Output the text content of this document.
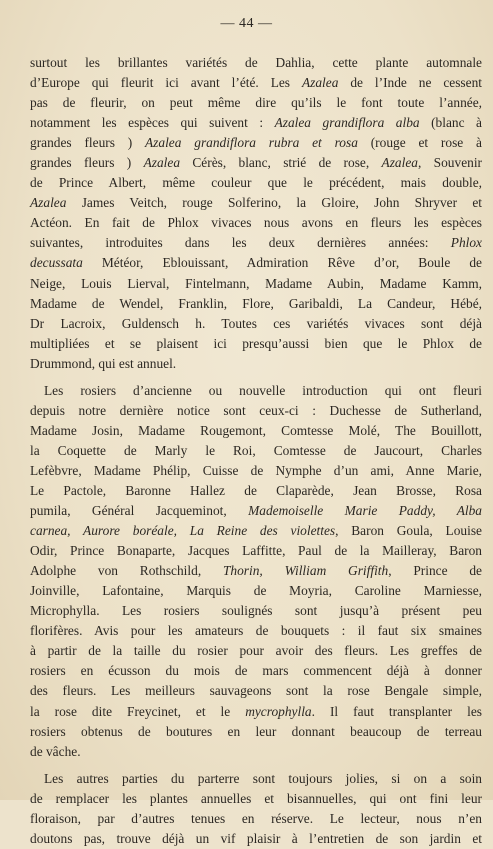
— 44 —
surtout les brillantes variétés de Dahlia, cette plante automnale
d’Europe qui fleurit ici avant l’été. Les Azalea de l’Inde ne cessent
pas de fleurir, on peut même dire qu’ils le font toute l’année,
notamment les espèces qui suivent : Azalea grandiflora alba (blanc à
grandes fleurs ) Azalea grandiflora rubra et rosa (rouge et rose à
grandes fleurs ) Azalea Cérès, blanc, strié de rose, Azalea, Souvenir
de Prince Albert, même couleur que le précédent, mais double,
Azalea James Veitch, rouge Solferino, la Gloire, John Shryver et
Actéon. En fait de Phlox vivaces nous avons en fleurs les espèces
suivantes, introduites dans les deux dernières années: Phlox
decussata Météor, Eblouissant, Admiration Rêve d’or, Boule de
Neige, Louis Lierval, Fintelmann, Madame Aubin, Madame Kamm,
Madame de Wendel, Franklin, Flore, Garibaldi, La Candeur, Hébé,
Dr Lacroix, Guldensch h. Toutes ces variétés vivaces sont déjà
multipliées et se plaisent ici presqu’aussi bien que le Phlox de
Drummond, qui est annuel.
Les rosiers d’ancienne ou nouvelle introduction qui ont fleuri
depuis notre dernière notice sont ceux-ci : Duchesse de Sutherland,
Madame Josin, Madame Rougemont, Comtesse Molé, The Bouillott,
la Coquette de Marly le Roi, Comtesse de Jaucourt, Charles
Lefèbvre, Madame Phélip, Cuisse de Nymphe d’un ami, Anne Marie,
Le Pactole, Baronne Hallez de Claparède, Jean Brosse, Rosa
pumila, Général Jacqueminot, Mademoiselle Marie Paddy, Alba
carnea, Aurore boréale, La Reine des violettes, Baron Goula, Louise
Odir, Prince Bonaparte, Jacques Laffitte, Paul de la Mailleray, Baron
Adolphe von Rothschild, Thorin, William Griffith, Prince de
Joinville, Lafontaine, Marquis de Moyria, Caroline Marniesse,
Microphylla. Les rosiers soulignés sont jusqu’à présent peu
florifères. Avis pour les amateurs de bouquets : il faut six smaines
à partir de la taille du rosier pour avoir des fleurs. Les greffes de
rosiers en écusson du mois de mars commencent déjà à donner
des fleurs. Les meilleurs sauvageons sont la rose Bengale simple,
la rose dite Freycinet, et le mycrophylla. Il faut transplanter les
rosiers obtenus de boutures en leur donnant beaucoup de terreau
de vâche.
Les autres parties du parterre sont toujours jolies, si on a soin
de remplacer les plantes annuelles et bisannuelles, qui ont fini leur
floraison, par d’autres tenues en réserve. Le lecteur, nous n’en
doutons pas, trouve déjà un vif plaisir à l’entretien de son jardin et
